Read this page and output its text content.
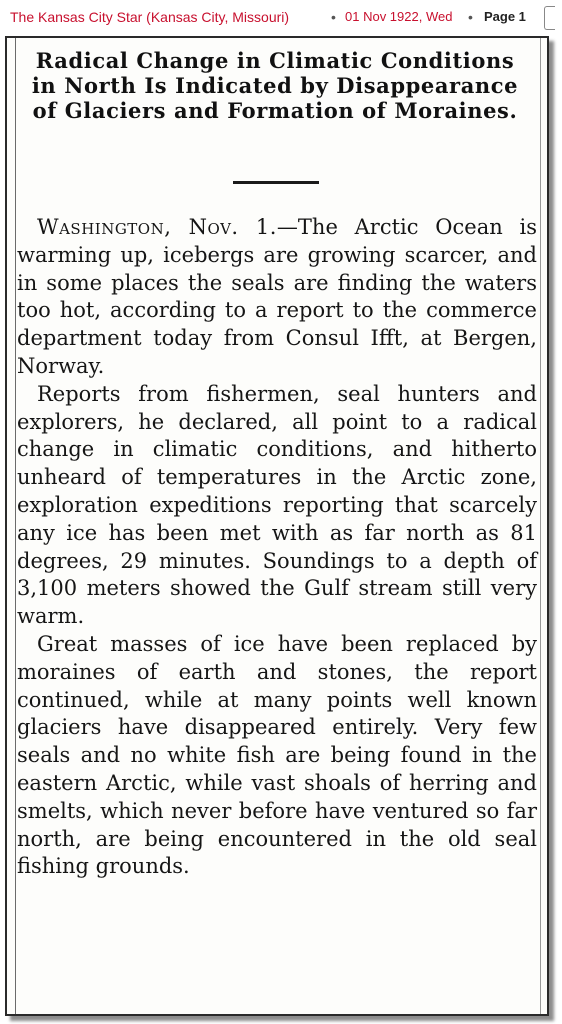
The Kansas City Star (Kansas City, Missouri)	• 01 Nov 1922, Wed • Page 1
Radical Change in Climatic Conditions in North Is Indicated by Disappearance of Glaciers and Formation of Moraines.

Washington, Nov. 1.—The Arctic Ocean is warming up, icebergs are growing scarcer, and in some places the seals are finding the waters too hot, according to a report to the commerce department today from Consul Ifft, at Bergen, Norway.

Reports from fishermen, seal hunters and explorers, he declared, all point to a radical change in climatic conditions, and hitherto unheard of temperatures in the Arctic zone, exploration expeditions reporting that scarcely any ice has been met with as far north as 81 degrees, 29 minutes. Soundings to a depth of 3,100 meters showed the Gulf stream still very warm.

Great masses of ice have been replaced by moraines of earth and stones, the report continued, while at many points well known glaciers have disappeared entirely. Very few seals and no white fish are being found in the eastern Arctic, while vast shoals of herring and smelts, which never before have ventured so far north, are being encountered in the old seal fishing grounds.
